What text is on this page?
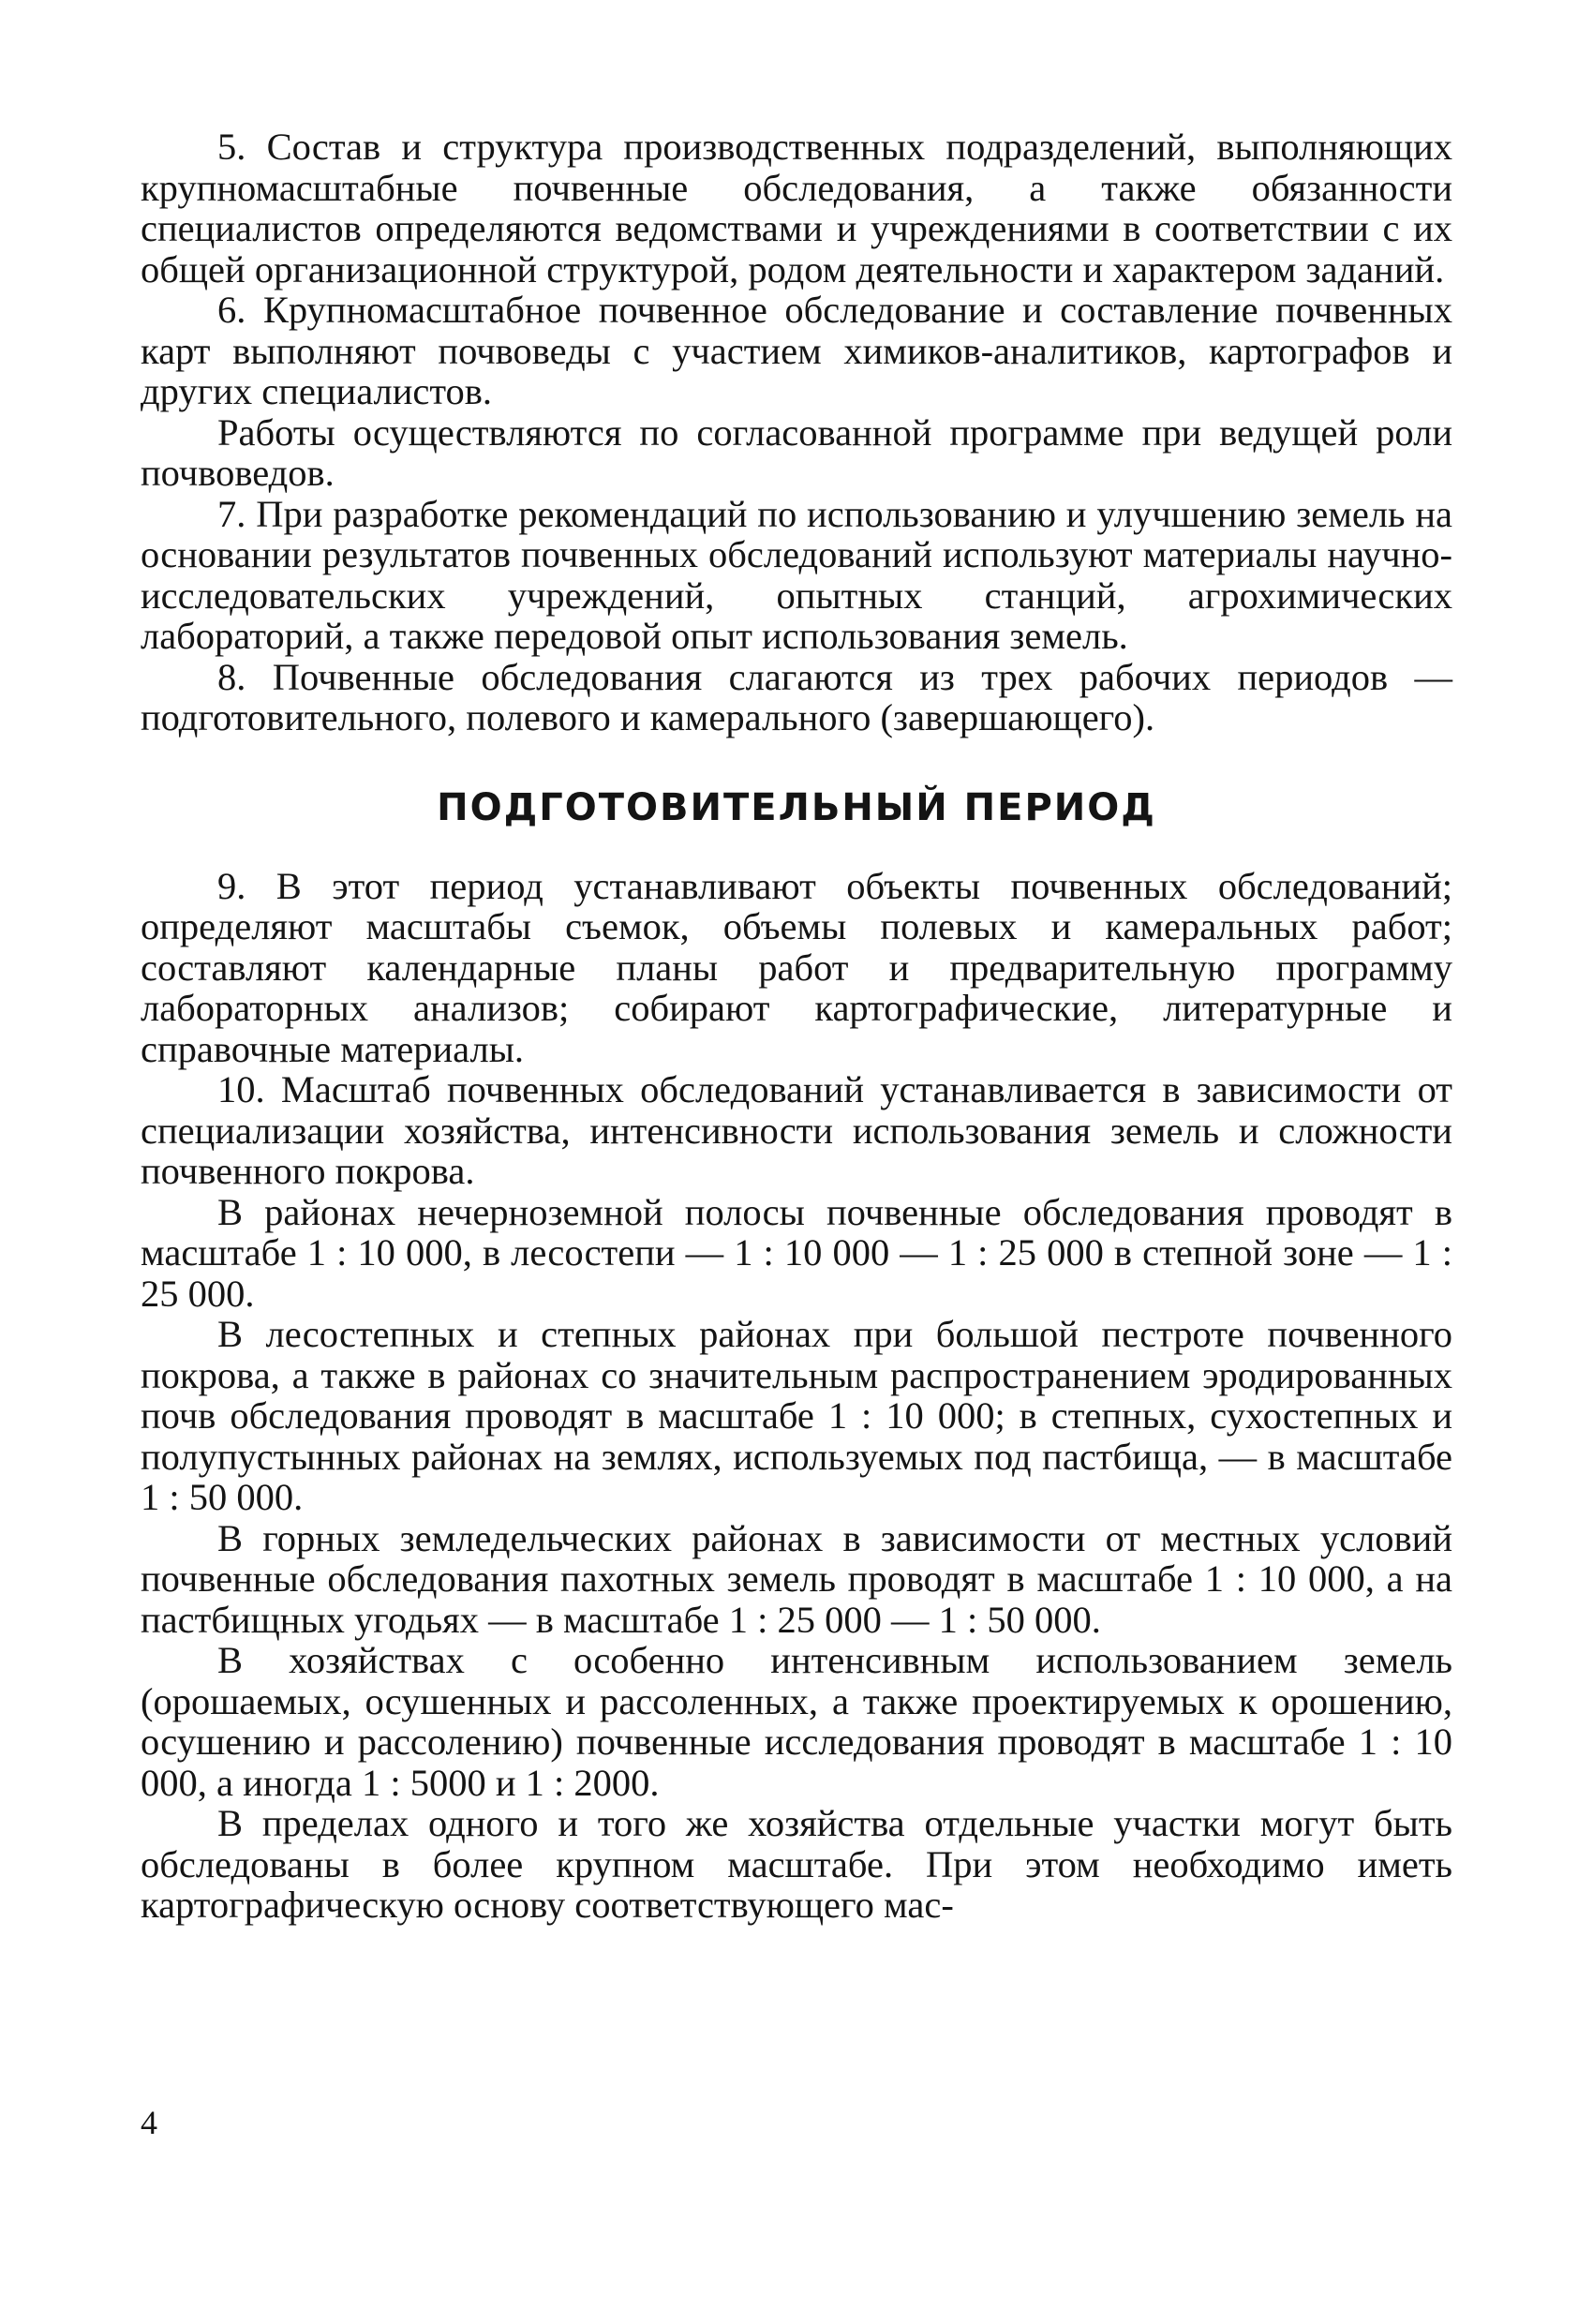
5. Состав и структура производственных подразделений, выполняющих крупномасштабные почвенные обследования, а также обязанности специалистов определяются ведомствами и учреждениями в соответствии с их общей организационной структурой, родом деятельности и характером заданий.

6. Крупномасштабное почвенное обследование и составление почвенных карт выполняют почвоведы с участием химиков-аналитиков, картографов и других специалистов.

Работы осуществляются по согласованной программе при ведущей роли почвоведов.

7. При разработке рекомендаций по использованию и улучшению земель на основании результатов почвенных обследований используют материалы научно-исследовательских учреждений, опытных станций, агрохимических лабораторий, а также передовой опыт использования земель.

8. Почвенные обследования слагаются из трех рабочих периодов — подготовительного, полевого и камерального (завершающего).

ПОДГОТОВИТЕЛЬНЫЙ ПЕРИОД

9. В этот период устанавливают объекты почвенных обследований; определяют масштабы съемок, объемы полевых и камеральных работ; составляют календарные планы работ и предварительную программу лабораторных анализов; собирают картографические, литературные и справочные материалы.

10. Масштаб почвенных обследований устанавливается в зависимости от специализации хозяйства, интенсивности использования земель и сложности почвенного покрова.

В районах нечерноземной полосы почвенные обследования проводят в масштабе 1 : 10 000, в лесостепи — 1 : 10 000 — 1 : 25 000 в степной зоне — 1 : 25 000.

В лесостепных и степных районах при большой пестроте почвенного покрова, а также в районах со значительным распространением эродированных почв обследования проводят в масштабе 1 : 10 000; в степных, сухостепных и полупустынных районах на землях, используемых под пастбища, — в масштабе 1 : 50 000.

В горных земледельческих районах в зависимости от местных условий почвенные обследования пахотных земель проводят в масштабе 1 : 10 000, а на пастбищных угодьях — в масштабе 1 : 25 000 — 1 : 50 000.

В хозяйствах с особенно интенсивным использованием земель (орошаемых, осушенных и рассоленных, а также проектируемых к орошению, осушению и рассолению) почвенные исследования проводят в масштабе 1 : 10 000, а иногда 1 : 5000 и 1 : 2000.

В пределах одного и того же хозяйства отдельные участки могут быть обследованы в более крупном масштабе. При этом необходимо иметь картографическую основу соответствующего мас-

4
